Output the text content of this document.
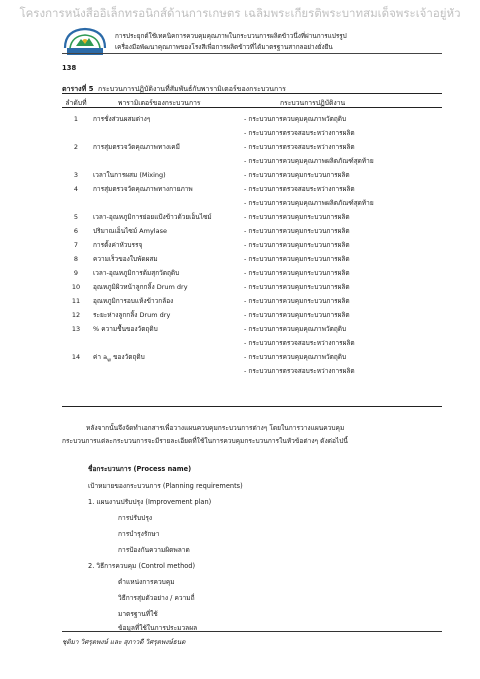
โครงการหนังสืออิเล็กทรอนิกส์ด้านการเกษตร เฉลิมพระเกียรติพระบาทสมเด็จพระเจ้าอยู่หัว
การประยุกต์ใช้เทคนิคการควบคุมคุณภาพในกระบวนการผลิตข้าวนึ่งที่ผ่านการแปรรูป
เครื่องมือพัฒนาคุณภาพของโรงสีเพื่อการผลิตข้าวที่ได้มาตรฐานสากลอย่างยั่งยืน
138
ตารางที่ 5 กระบวนการปฏิบัติงานที่สัมพันธ์กับพารามิเตอร์ของกระบวนการ
ลำดับที่	พารามิเตอร์ของกระบวนการ	กระบวนการปฏิบัติงาน
1	การชั่งส่วนผสมต่างๆ	- กระบวนการควบคุมคุณภาพวัตถุดิบ
- กระบวนการตรวจสอบระหว่างการผลิต
2	การสุ่มตรวจวัดคุณภาพทางเคมี	- กระบวนการตรวจสอบระหว่างการผลิต
- กระบวนการควบคุมคุณภาพผลิตภัณฑ์สุดท้าย
3	เวลาในการผสม (Mixing)	- กระบวนการควบคุมกระบวนการผลิต
4	การสุ่มตรวจวัดคุณภาพทางกายภาพ	- กระบวนการตรวจสอบระหว่างการผลิต
- กระบวนการควบคุมคุณภาพผลิตภัณฑ์สุดท้าย
5	เวลา-อุณหภูมิการย่อยแป้งข้าวด้วยเอ็นไซม์	- กระบวนการควบคุมกระบวนการผลิต
6	ปริมาณเอ็นไซม์ Amylase	- กระบวนการควบคุมกระบวนการผลิต
7	การตั้งค่าหัวบรรจุ	- กระบวนการควบคุมกระบวนการผลิต
8	ความเร็วของใบพัดผสม	- กระบวนการควบคุมกระบวนการผลิต
9	เวลา-อุณหภูมิการต้มสุกวัตถุดิบ	- กระบวนการควบคุมกระบวนการผลิต
10	อุณหภูมิผิวหน้าลูกกลิ้ง Drum dry	- กระบวนการควบคุมกระบวนการผลิต
11	อุณหภูมิการอบแห้งข้าวกล้อง	- กระบวนการควบคุมกระบวนการผลิต
12	ระยะห่างลูกกลิ้ง Drum dry	- กระบวนการควบคุมกระบวนการผลิต
13	% ความชื้นของวัตถุดิบ	- กระบวนการควบคุมคุณภาพวัตถุดิบ
- กระบวนการตรวจสอบระหว่างการผลิต
14	ค่า $a_w$ ของวัตถุดิบ	- กระบวนการควบคุมคุณภาพวัตถุดิบ
- กระบวนการตรวจสอบระหว่างการผลิต
หลังจากนั้นจึงจัดทำเอกสารเพื่อวางแผนควบคุมกระบวนการต่างๆ โดยในการวางแผนควบคุม
กระบวนการแต่ละกระบวนการจะมีรายละเอียดที่ใช้ในการควบคุมกระบวนการในหัวข้อต่างๆ ดังต่อไปนี้
ชื่อกระบวนการ (Process name)
เป้าหมายของกระบวนการ (Planning requirements)
1. แผนงานปรับปรุง (Improvement plan)
การปรับปรุง
การบำรุงรักษา
การป้องกันความผิดพลาด
2. วิธีการควบคุม (Control method)
ตำแหน่งการควบคุม
วิธีการสุ่มตัวอย่าง / ความถี่
มาตรฐานที่ใช้
ข้อมูลที่ใช้ในการประมวลผล
ชุติมา วิศรุตพงษ์ และ สุภาวดี วิศรุตพงษ์ธนต
